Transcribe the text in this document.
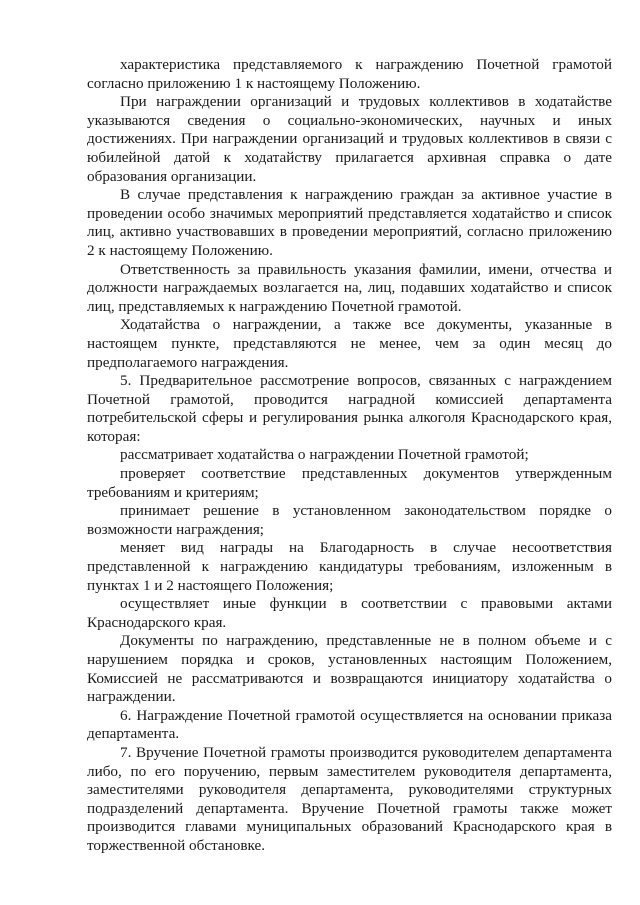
характеристика представляемого к награждению Почетной грамотой согласно приложению 1 к настоящему Положению.

При награждении организаций и трудовых коллективов в ходатайстве указываются сведения о социально-экономических, научных и иных достижениях. При награждении организаций и трудовых коллективов в связи с юбилейной датой к ходатайству прилагается архивная справка о дате образования организации.

В случае представления к награждению граждан за активное участие в проведении особо значимых мероприятий представляется ходатайство и список лиц, активно участвовавших в проведении мероприятий, согласно приложению 2 к настоящему Положению.

Ответственность за правильность указания фамилии, имени, отчества и должности награждаемых возлагается на, лиц, подавших ходатайство и список лиц, представляемых к награждению Почетной грамотой.

Ходатайства о награждении, а также все документы, указанные в настоящем пункте, представляются не менее, чем за один месяц до предполагаемого награждения.

5. Предварительное рассмотрение вопросов, связанных с награждением Почетной грамотой, проводится наградной комиссией департамента потребительской сферы и регулирования рынка алкоголя Краснодарского края, которая:

рассматривает ходатайства о награждении Почетной грамотой;

проверяет соответствие представленных документов утвержденным требованиям и критериям;

принимает решение в установленном законодательством порядке о возможности награждения;

меняет вид награды на Благодарность в случае несоответствия представленной к награждению кандидатуры требованиям, изложенным в пунктах 1 и 2 настоящего Положения;

осуществляет иные функции в соответствии с правовыми актами Краснодарского края.

Документы по награждению, представленные не в полном объеме и с нарушением порядка и сроков, установленных настоящим Положением, Комиссией не рассматриваются и возвращаются инициатору ходатайства о награждении.

6. Награждение Почетной грамотой осуществляется на основании приказа департамента.

7. Вручение Почетной грамоты производится руководителем департамента либо, по его поручению, первым заместителем руководителя департамента, заместителями руководителя департамента, руководителями структурных подразделений департамента. Вручение Почетной грамоты также может производится главами муниципальных образований Краснодарского края в торжественной обстановке.
